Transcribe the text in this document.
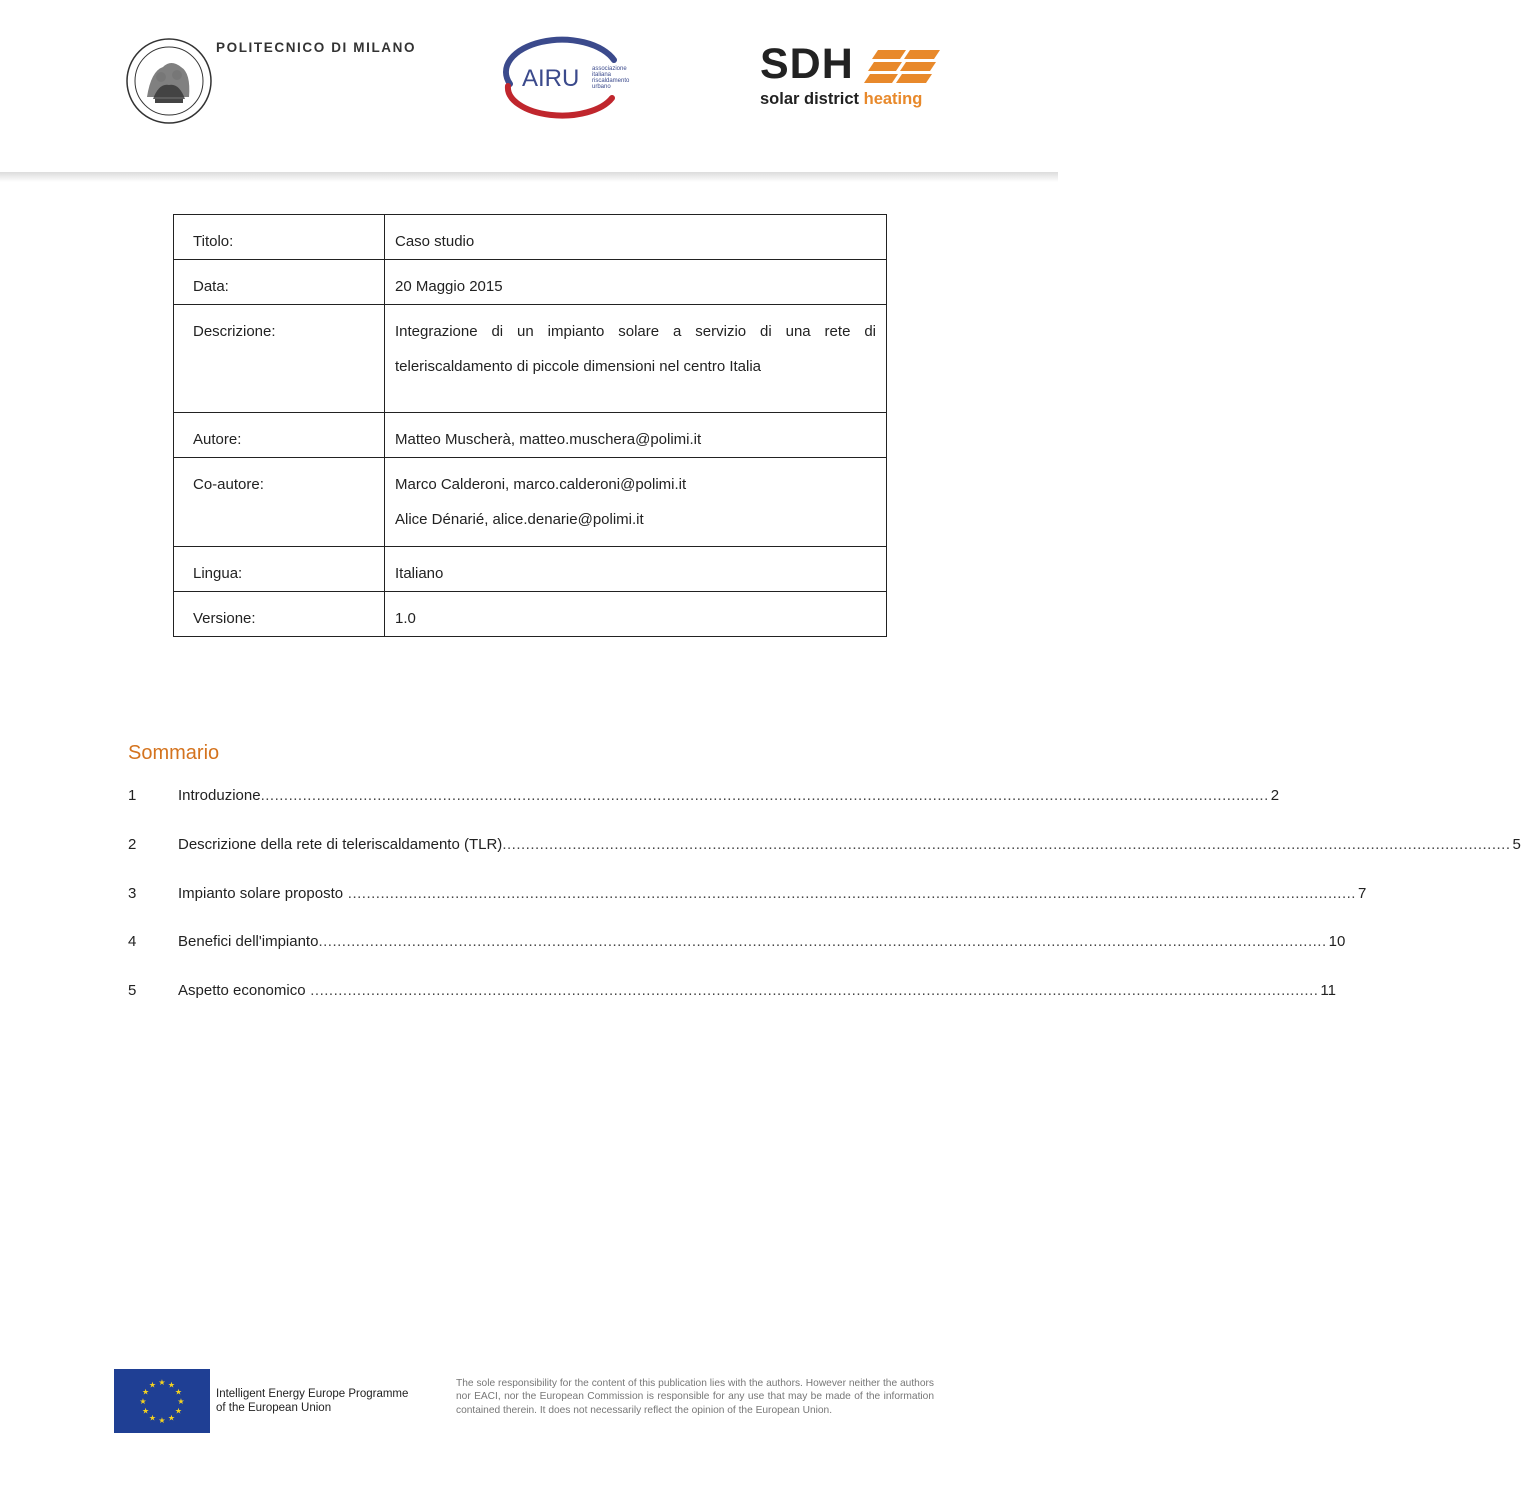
POLITECNICO DI MILANO
AIRU associazione
italiana
riscaldamento
urbano	SDH
solar district heating
Titolo:	Caso studio
Data:	20 Maggio 2015
Descrizione:	Integrazione di un impianto solare a servizio di una rete di teleriscaldamento di piccole dimensioni nel centro Italia
Autore:	Matteo Muscherà, matteo.muschera@polimi.it
Co-autore:	Marco Calderoni, marco.calderoni@polimi.it
Alice Dénarié, alice.denarie@polimi.it

Lingua:	Italiano
Versione:	1.0
Sommario
1	Introduzione ........................................................................................................................................................................................................................ 2
2	Descrizione della rete di teleriscaldamento (TLR) ........................................................................................................................................................................................................................ 5
3	Impianto solare proposto ........................................................................................................................................................................................................................ 7
4	Benefici dell'impianto ........................................................................................................................................................................................................................ 10
5	Aspetto economico ........................................................................................................................................................................................................................ 11
★
★
★
★
★
★
★
★
★ ★ ★
★	Intelligent Energy Europe Programme
of the European Union
The sole responsibility for the content of this publication lies with the authors. However neither the authors nor EACI, nor the European Commission is responsible for any use that may be made of the information contained therein. It does not necessarily reflect the opinion of the European Union.
